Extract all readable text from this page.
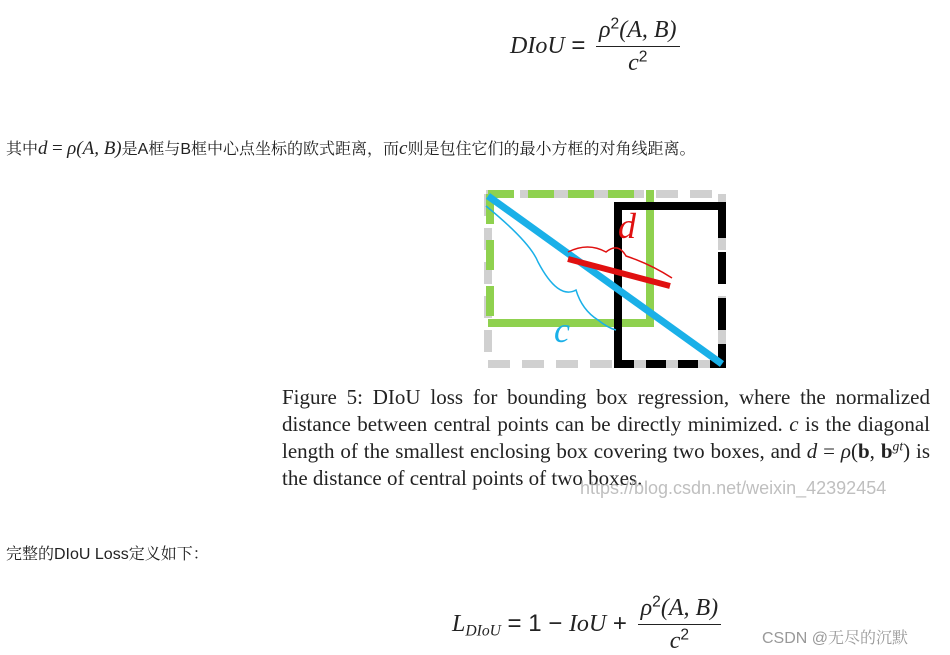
DIoU = $\frac{\rho^2(A, B)}{c^2}$
其中d = ρ(A, B)是A框与B框中心点坐标的欧式距离，而c则是包住它们的最小方框的对角线距离。
d
c

Figure 5: DIoU loss for bounding box regression, where the normalized distance between central points can be directly minimized. c is the diagonal length of the smallest enclosing box covering two boxes, and d = ρ(b, $b^{gt}$) is the distance of central points of two boxes.

https://blog.csdn.net/weixin_42392454
完整的DIoU Loss定义如下：
$L_{DIoU} = 1$ − IoU + $\frac{\rho^2(A, B)}{c^2}$	CSDN @无尽的沉默
